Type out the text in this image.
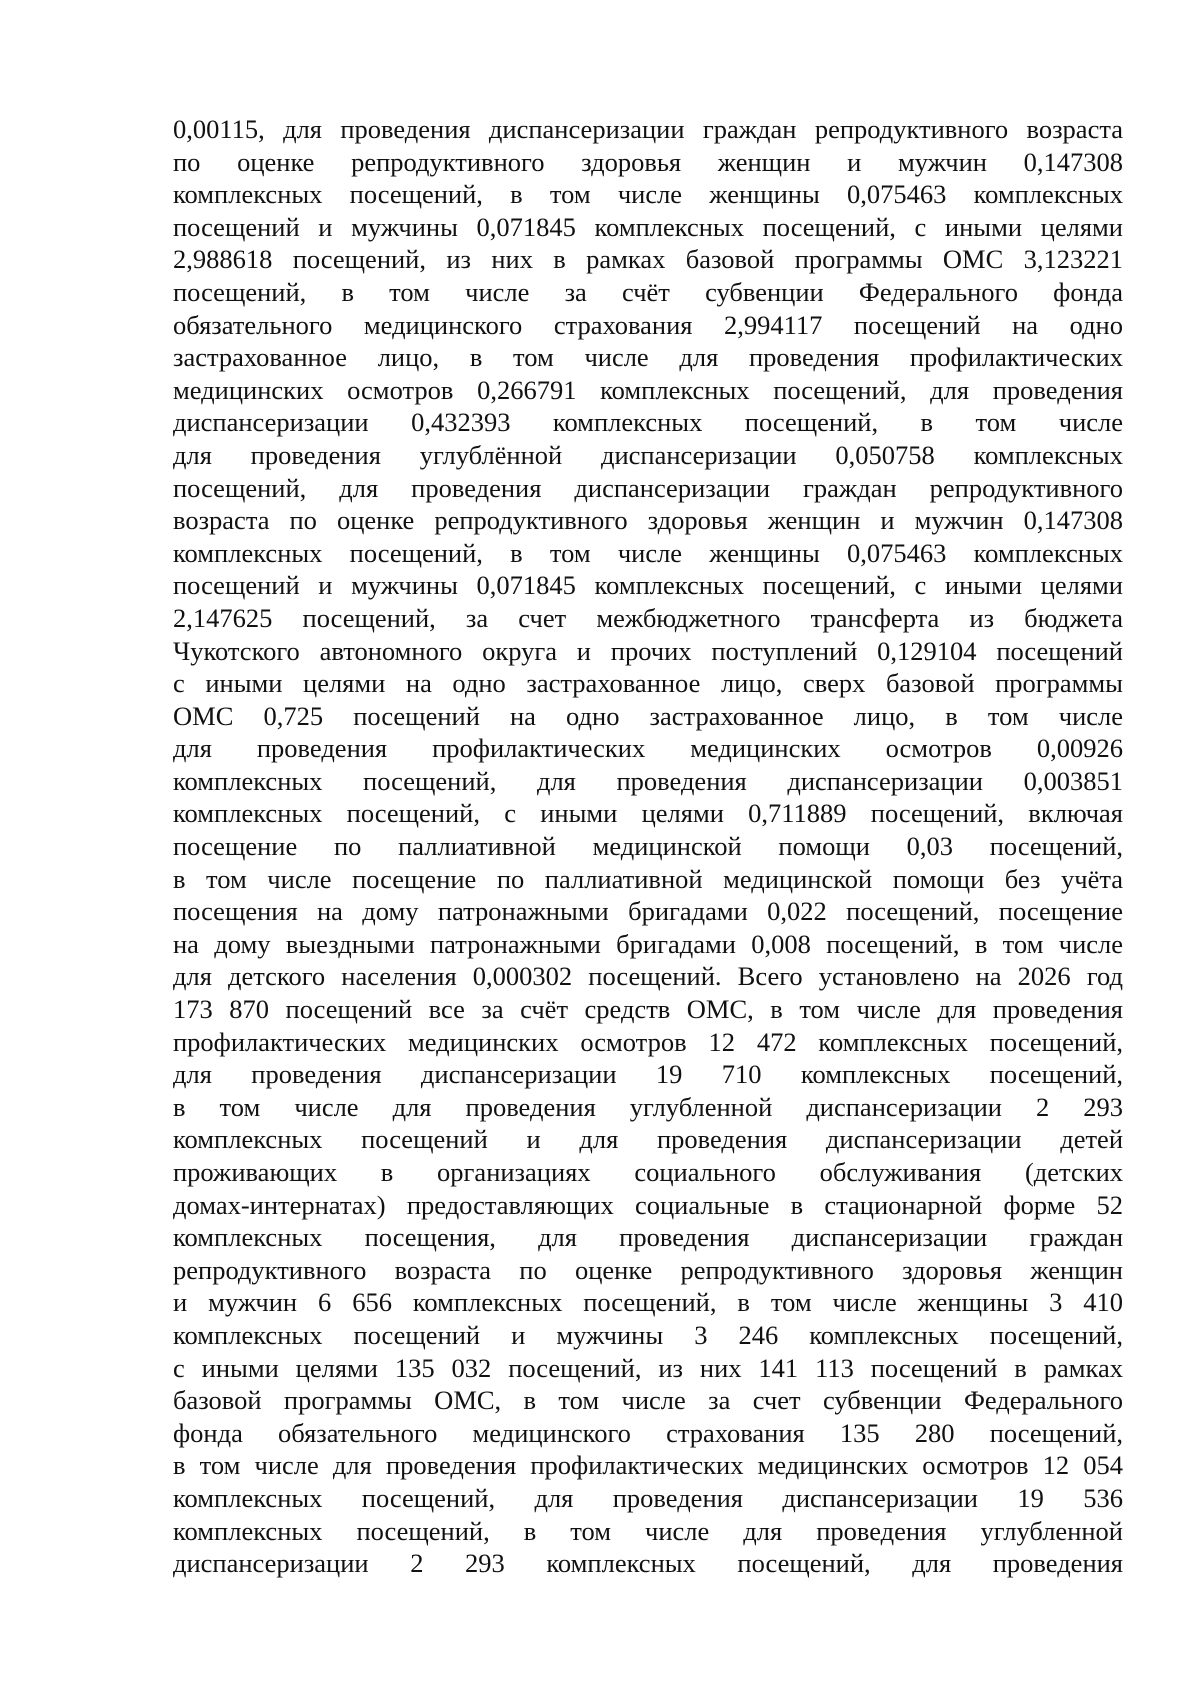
0,00115, для проведения диспансеризации граждан репродуктивного возраста
по оценке репродуктивного здоровья женщин и мужчин 0,147308
комплексных посещений, в том числе женщины 0,075463 комплексных
посещений и мужчины 0,071845 комплексных посещений, с иными целями
2,988618 посещений, из них в рамках базовой программы ОМС 3,123221
посещений, в том числе за счёт субвенции Федерального фонда
обязательного медицинского страхования 2,994117 посещений на одно
застрахованное лицо, в том числе для проведения профилактических
медицинских осмотров 0,266791 комплексных посещений, для проведения
диспансеризации 0,432393 комплексных посещений, в том числе
для проведения углублённой диспансеризации 0,050758 комплексных
посещений, для проведения диспансеризации граждан репродуктивного
возраста по оценке репродуктивного здоровья женщин и мужчин 0,147308
комплексных посещений, в том числе женщины 0,075463 комплексных
посещений и мужчины 0,071845 комплексных посещений, с иными целями
2,147625 посещений, за счет межбюджетного трансферта из бюджета
Чукотского автономного округа и прочих поступлений 0,129104 посещений
с иными целями на одно застрахованное лицо, сверх базовой программы
ОМС 0,725 посещений на одно застрахованное лицо, в том числе
для проведения профилактических медицинских осмотров 0,00926
комплексных посещений, для проведения диспансеризации 0,003851
комплексных посещений, с иными целями 0,711889 посещений, включая
посещение по паллиативной медицинской помощи 0,03 посещений,
в том числе посещение по паллиативной медицинской помощи без учёта
посещения на дому патронажными бригадами 0,022 посещений, посещение
на дому выездными патронажными бригадами 0,008 посещений, в том числе
для детского населения 0,000302 посещений. Всего установлено на 2026 год
173 870 посещений все за счёт средств ОМС, в том числе для проведения
профилактических медицинских осмотров 12 472 комплексных посещений,
для проведения диспансеризации 19 710 комплексных посещений,
в том числе для проведения углубленной диспансеризации 2 293
комплексных посещений и для проведения диспансеризации детей
проживающих в организациях социального обслуживания (детских
домах-интернатах) предоставляющих социальные в стационарной форме 52
комплексных посещения, для проведения диспансеризации граждан
репродуктивного возраста по оценке репродуктивного здоровья женщин
и мужчин 6 656 комплексных посещений, в том числе женщины 3 410
комплексных посещений и мужчины 3 246 комплексных посещений,
с иными целями 135 032 посещений, из них 141 113 посещений в рамках
базовой программы ОМС, в том числе за счет субвенции Федерального
фонда обязательного медицинского страхования 135 280 посещений,
в том числе для проведения профилактических медицинских осмотров 12 054
комплексных посещений, для проведения диспансеризации 19 536
комплексных посещений, в том числе для проведения углубленной
диспансеризации 2 293 комплексных посещений, для проведения
